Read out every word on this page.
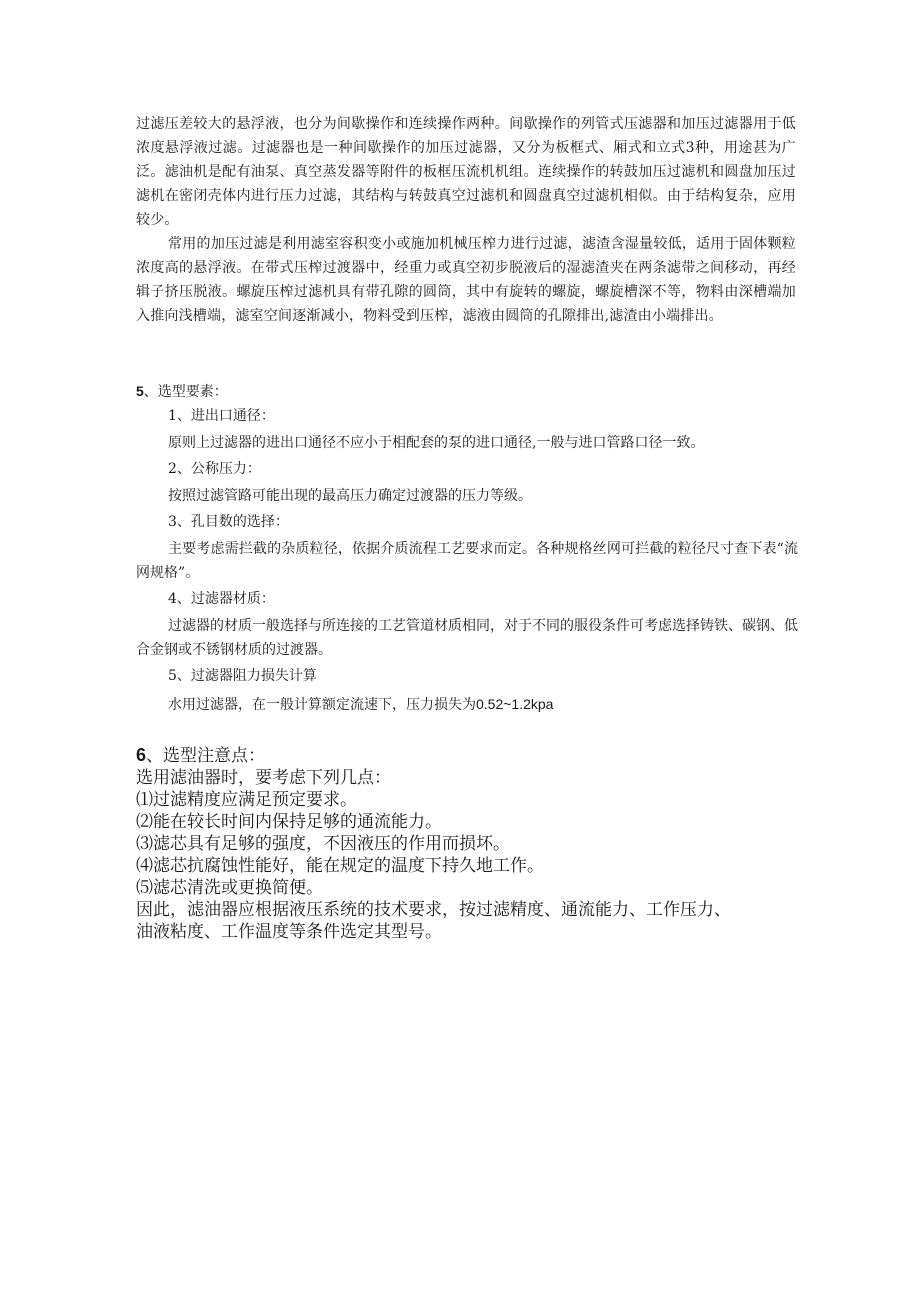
过滤压差较大的悬浮液，也分为间歇操作和连续操作两种。间歇操作的列管式压滤器和加压过滤器用于低浓度悬浮液过滤。过滤器也是一种间歇操作的加压过滤器，又分为板框式、厢式和立式3种，用途甚为广泛。滤油机是配有油泵、真空蒸发器等附件的板框压流机机组。连续操作的转鼓加压过滤机和圆盘加压过滤机在密闭壳体内进行压力过滤，其结构与转鼓真空过滤机和圆盘真空过滤机相似。由于结构复杂，应用较少。

常用的加压过滤是利用滤室容积变小或施加机械压榨力进行过滤，滤渣含湿量较低，适用于固体颗粒浓度高的悬浮液。在带式压榨过渡器中，经重力或真空初步脱液后的湿滤渣夹在两条滤带之间移动，再经辑子挤压脱液。螺旋压榨过滤机具有带孔隙的圆筒，其中有旋转的螺旋，螺旋槽深不等，物料由深槽端加入推向浅槽端，滤室空间逐渐减小，物料受到压榨，滤液由圆筒的孔隙排出,滤渣由小端排出。

5、选型要素：
1、进出口通径：

原则上过滤器的进出口通径不应小于相配套的泵的进口通径,一般与进口管路口径一致。

2、公称压力：

按照过滤管路可能出现的最高压力确定过渡器的压力等级。

3、孔目数的选择：

主要考虑需拦截的杂质粒径，依据介质流程工艺要求而定。各种规格丝网可拦截的粒径尺寸查下表“流网规格”。

4、过滤器材质：

过滤器的材质一般选择与所连接的工艺管道材质相同，对于不同的服役条件可考虑选择铸铁、碳钢、低合金钢或不锈钢材质的过渡器。

5、过滤器阻力损失计算

水用过滤器，在一般计算额定流速下，压力损失为0.52~1.2kpa

6、选型注意点：
选用滤油器时，要考虑下列几点：
⑴过滤精度应满足预定要求。
⑵能在较长时间内保持足够的通流能力。
⑶滤芯具有足够的强度，不因液压的作用而损坏。
⑷滤芯抗腐蚀性能好，能在规定的温度下持久地工作。
⑸滤芯清洗或更换简便。
因此，滤油器应根据液压系统的技术要求，按过滤精度、通流能力、工作压力、
油液粘度、工作温度等条件选定其型号。
